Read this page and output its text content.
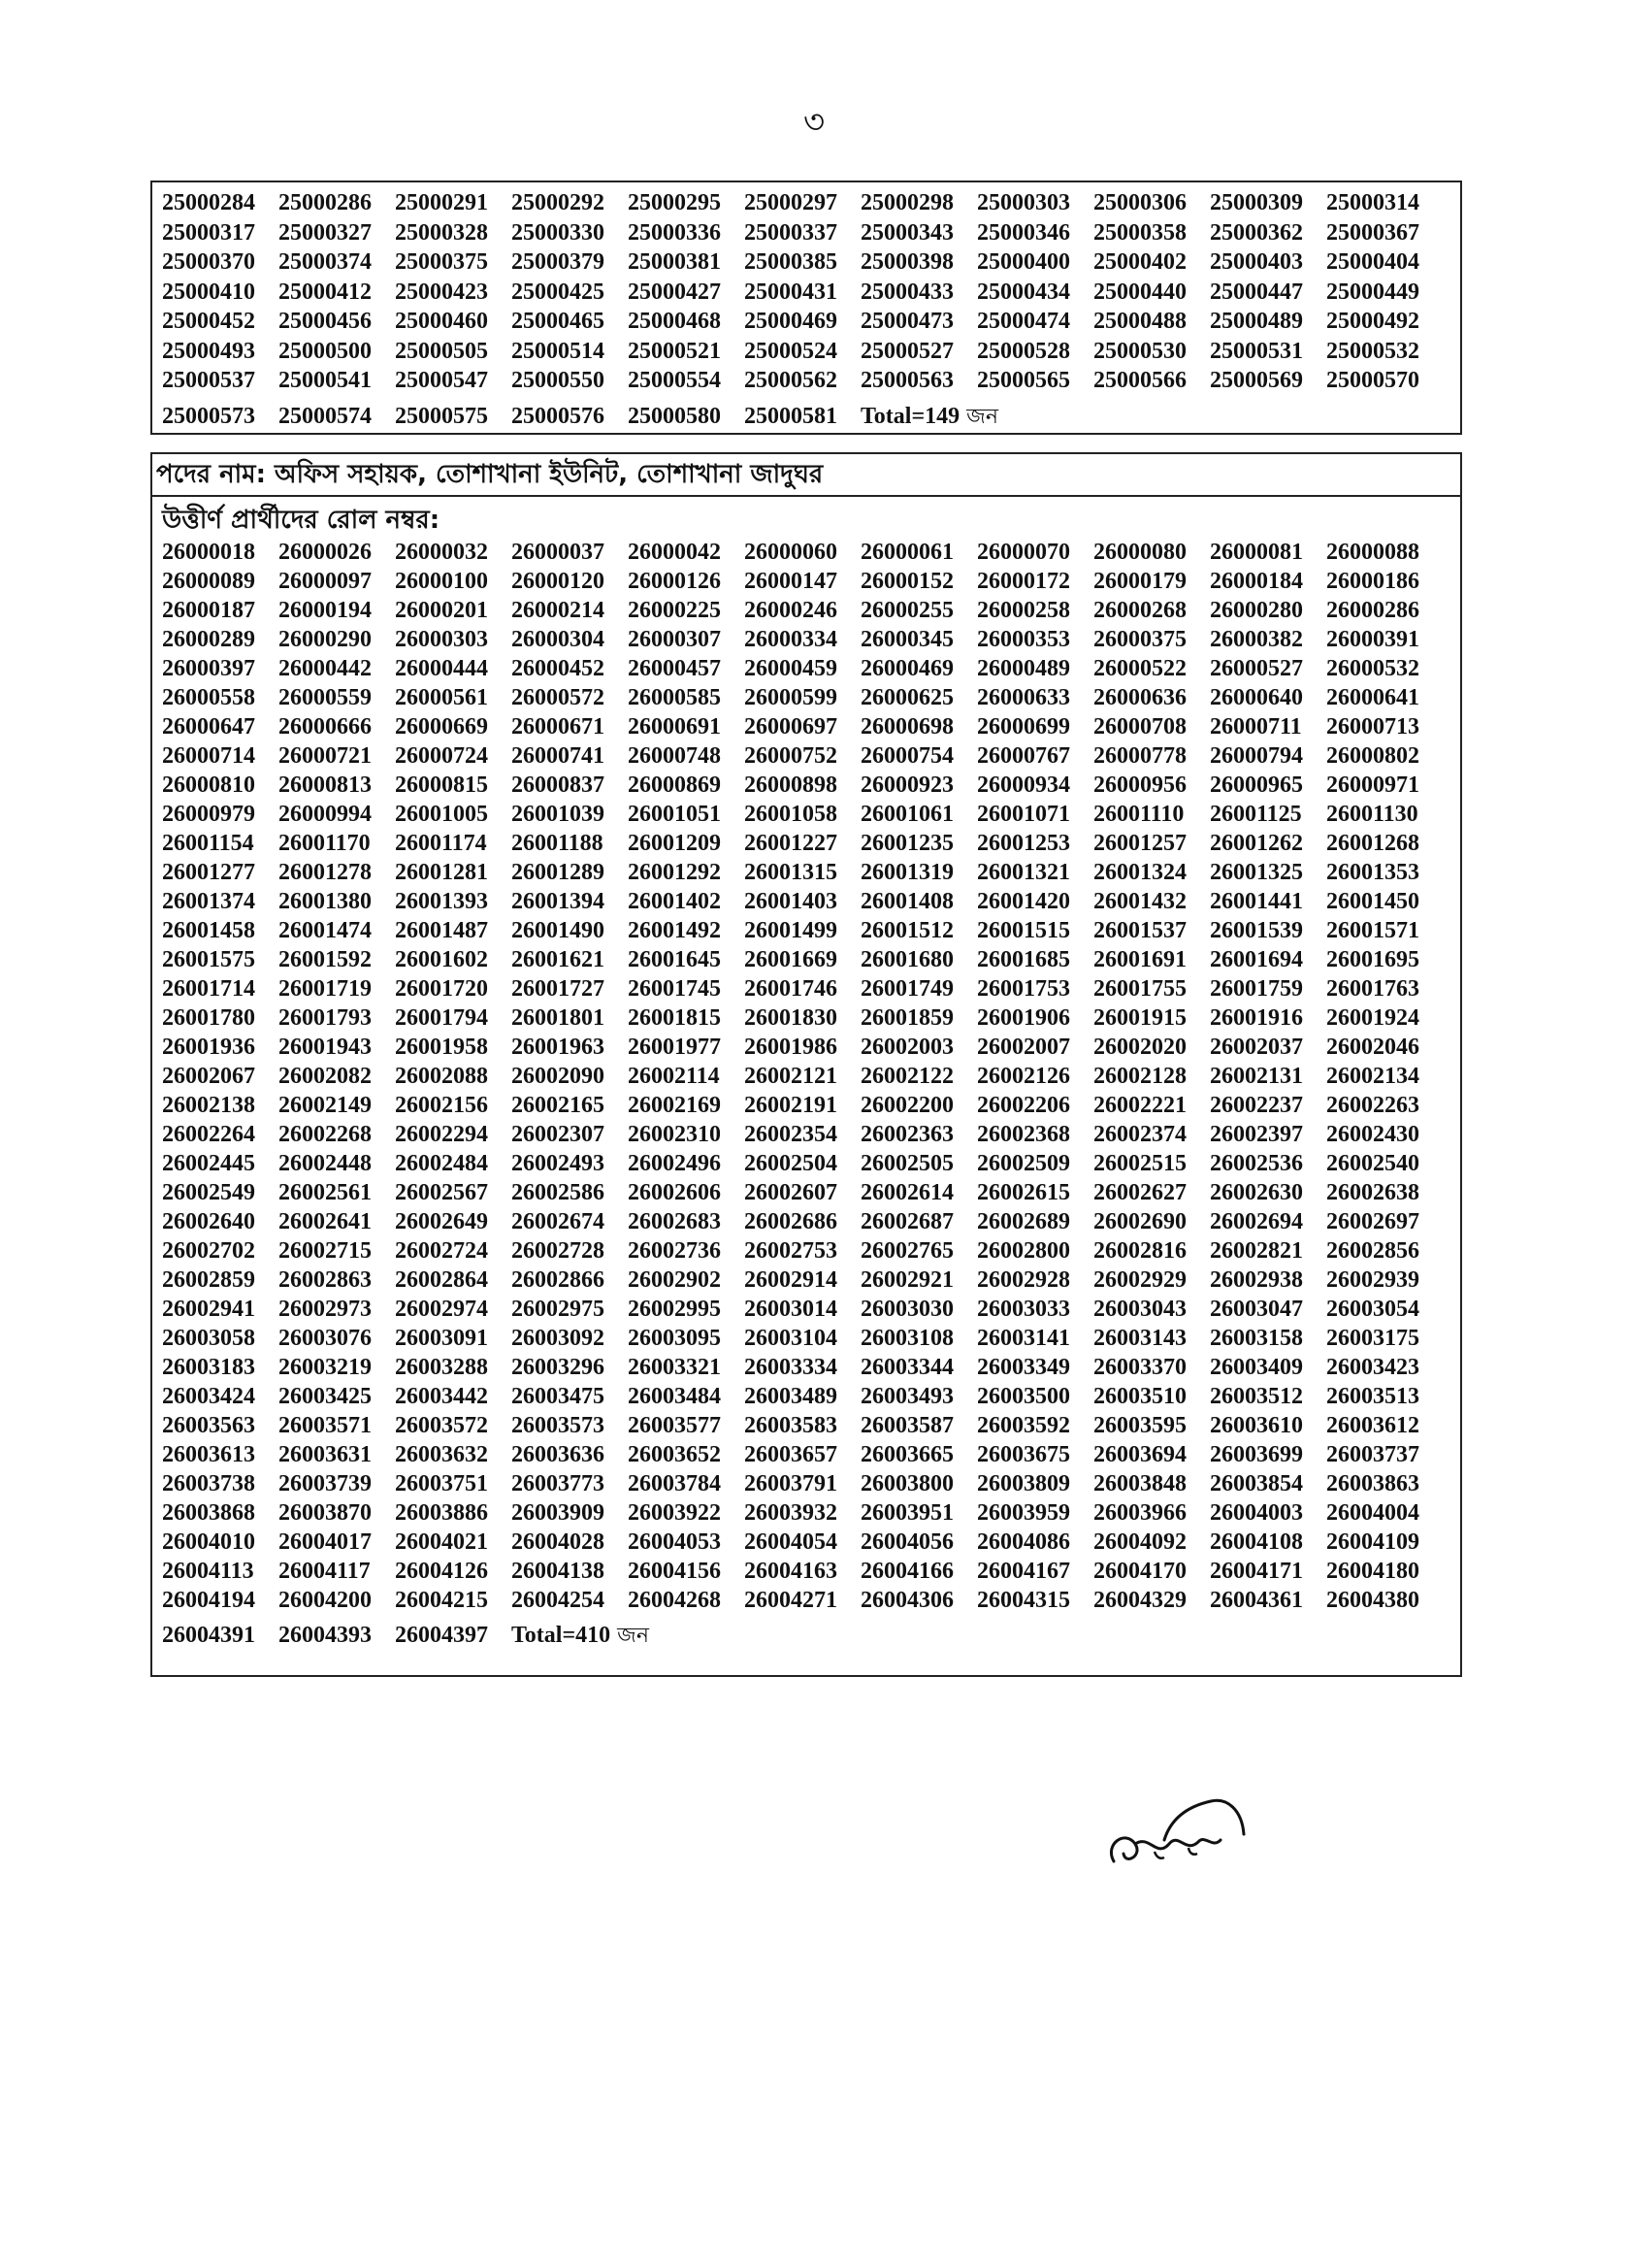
৩
25000284 25000286 25000291 25000292 25000295 25000297 25000298 25000303 25000306 25000309 25000314
25000317 25000327 25000328 25000330 25000336 25000337 25000343 25000346 25000358 25000362 25000367
25000370 25000374 25000375 25000379 25000381 25000385 25000398 25000400 25000402 25000403 25000404
25000410 25000412 25000423 25000425 25000427 25000431 25000433 25000434 25000440 25000447 25000449
25000452 25000456 25000460 25000465 25000468 25000469 25000473 25000474 25000488 25000489 25000492
25000493 25000500 25000505 25000514 25000521 25000524 25000527 25000528 25000530 25000531 25000532
25000537 25000541 25000547 25000550 25000554 25000562 25000563 25000565 25000566 25000569 25000570
25000573 25000574 25000575 25000576 25000580 25000581 Total=149 জন
পদের নাম: অফিস সহায়ক, তোশাখানা ইউনিট, তোশাখানা জাদুঘর
উত্তীর্ণ প্রার্থীদের রোল নম্বর:
26000018 26000026 26000032 26000037 26000042 26000060 26000061 26000070 26000080 26000081 26000088
26000089 26000097 26000100 26000120 26000126 26000147 26000152 26000172 26000179 26000184 26000186
26000187 26000194 26000201 26000214 26000225 26000246 26000255 26000258 26000268 26000280 26000286
26000289 26000290 26000303 26000304 26000307 26000334 26000345 26000353 26000375 26000382 26000391
26000397 26000442 26000444 26000452 26000457 26000459 26000469 26000489 26000522 26000527 26000532
26000558 26000559 26000561 26000572 26000585 26000599 26000625 26000633 26000636 26000640 26000641
26000647 26000666 26000669 26000671 26000691 26000697 26000698 26000699 26000708 26000711 26000713
26000714 26000721 26000724 26000741 26000748 26000752 26000754 26000767 26000778 26000794 26000802
26000810 26000813 26000815 26000837 26000869 26000898 26000923 26000934 26000956 26000965 26000971
26000979 26000994 26001005 26001039 26001051 26001058 26001061 26001071 26001110 26001125 26001130
26001154 26001170 26001174 26001188 26001209 26001227 26001235 26001253 26001257 26001262 26001268
26001277 26001278 26001281 26001289 26001292 26001315 26001319 26001321 26001324 26001325 26001353
26001374 26001380 26001393 26001394 26001402 26001403 26001408 26001420 26001432 26001441 26001450
26001458 26001474 26001487 26001490 26001492 26001499 26001512 26001515 26001537 26001539 26001571
26001575 26001592 26001602 26001621 26001645 26001669 26001680 26001685 26001691 26001694 26001695
26001714 26001719 26001720 26001727 26001745 26001746 26001749 26001753 26001755 26001759 26001763
26001780 26001793 26001794 26001801 26001815 26001830 26001859 26001906 26001915 26001916 26001924
26001936 26001943 26001958 26001963 26001977 26001986 26002003 26002007 26002020 26002037 26002046
26002067 26002082 26002088 26002090 26002114 26002121 26002122 26002126 26002128 26002131 26002134
26002138 26002149 26002156 26002165 26002169 26002191 26002200 26002206 26002221 26002237 26002263
26002264 26002268 26002294 26002307 26002310 26002354 26002363 26002368 26002374 26002397 26002430
26002445 26002448 26002484 26002493 26002496 26002504 26002505 26002509 26002515 26002536 26002540
26002549 26002561 26002567 26002586 26002606 26002607 26002614 26002615 26002627 26002630 26002638
26002640 26002641 26002649 26002674 26002683 26002686 26002687 26002689 26002690 26002694 26002697
26002702 26002715 26002724 26002728 26002736 26002753 26002765 26002800 26002816 26002821 26002856
26002859 26002863 26002864 26002866 26002902 26002914 26002921 26002928 26002929 26002938 26002939
26002941 26002973 26002974 26002975 26002995 26003014 26003030 26003033 26003043 26003047 26003054
26003058 26003076 26003091 26003092 26003095 26003104 26003108 26003141 26003143 26003158 26003175
26003183 26003219 26003288 26003296 26003321 26003334 26003344 26003349 26003370 26003409 26003423
26003424 26003425 26003442 26003475 26003484 26003489 26003493 26003500 26003510 26003512 26003513
26003563 26003571 26003572 26003573 26003577 26003583 26003587 26003592 26003595 26003610 26003612
26003613 26003631 26003632 26003636 26003652 26003657 26003665 26003675 26003694 26003699 26003737
26003738 26003739 26003751 26003773 26003784 26003791 26003800 26003809 26003848 26003854 26003863
26003868 26003870 26003886 26003909 26003922 26003932 26003951 26003959 26003966 26004003 26004004
26004010 26004017 26004021 26004028 26004053 26004054 26004056 26004086 26004092 26004108 26004109
26004113 26004117 26004126 26004138 26004156 26004163 26004166 26004167 26004170 26004171 26004180
26004194 26004200 26004215 26004254 26004268 26004271 26004306 26004315 26004329 26004361 26004380
26004391 26004393 26004397 Total=410 জন
